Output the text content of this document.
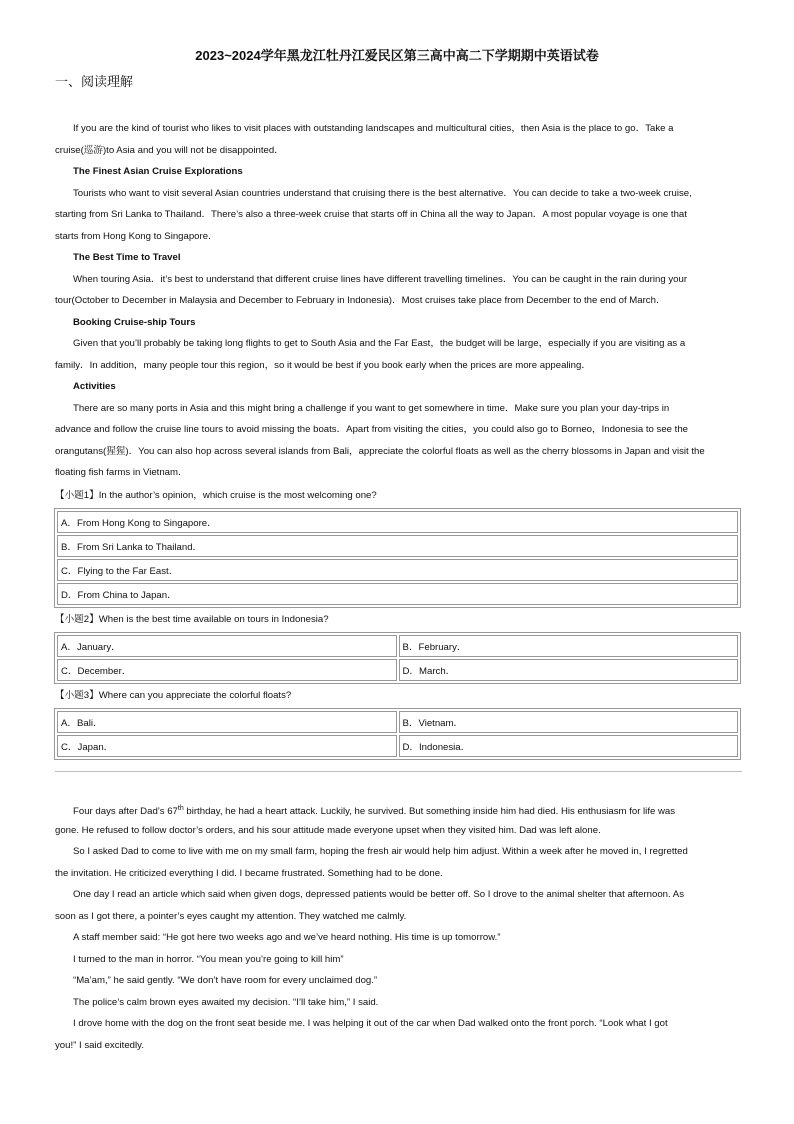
2023~2024学年黑龙江牡丹江爱民区第三高中高二下学期期中英语试卷
一、阅读理解
If you are the kind of tourist who likes to visit places with outstanding landscapes and multicultural cities，then Asia is the place to go．Take a
cruise(巡游)to Asia and you will not be disappointed．
The Finest Asian Cruise Explorations
Tourists who want to visit several Asian countries understand that cruising there is the best alternative．You can decide to take a two-week cruise,
starting from Sri Lanka to Thailand．There’s also a three-week cruise that starts off in China all the way to Japan．A most popular voyage is one that
starts from Hong Kong to Singapore．
The Best Time to Travel
When touring Asia．it’s best to understand that different cruise lines have different travelling timelines．You can be caught in the rain during your
tour(October to December in Malaysia and December to February in Indonesia)．Most cruises take place from December to the end of March．
Booking Cruise-ship Tours
Given that you’ll probably be taking long flights to get to South Asia and the Far East，the budget will be large，especially if you are visiting as a
family．In addition，many people tour this region，so it would be best if you book early when the prices are more appealing．
Activities
There are so many ports in Asia and this might bring a challenge if you want to get somewhere in time．Make sure you plan your day-trips in
advance and follow the cruise line tours to avoid missing the boats．Apart from visiting the cities，you could also go to Borneo，Indonesia to see the
orangutans(猩猩)．You can also hop across several islands from Bali，appreciate the colorful floats as well as the cherry blossoms in Japan and visit the
floating fish farms in Vietnam．
【小题1】In the author’s opinion，which cruise is the most welcoming one?
A．From Hong Kong to Singapore．
B．From Sri Lanka to Thailand．
C．Flying to the Far East．
D．From China to Japan．
【小题2】When is the best time available on tours in Indonesia?
A．January．	B．February．
C．December．	D．March．
【小题3】Where can you appreciate the colorful floats?
A．Bali．	B．Vietnam．
C．Japan．	D．Indonesia．
Four days after Dad’s 67th birthday, he had a heart attack. Luckily, he survived. But something inside him had died. His enthusiasm for life was
gone. He refused to follow doctor’s orders, and his sour attitude made everyone upset when they visited him. Dad was left alone.
So I asked Dad to come to live with me on my small farm, hoping the fresh air would help him adjust. Within a week after he moved in, I regretted
the invitation. He criticized everything I did. I became frustrated. Something had to be done.
One day I read an article which said when given dogs, depressed patients would be better off. So I drove to the animal shelter that afternoon. As
soon as I got there, a pointer’s eyes caught my attention. They watched me calmly.
A staff member said: “He got here two weeks ago and we’ve heard nothing. His time is up tomorrow.”
I turned to the man in horror. “You mean you’re going to kill him”
“Ma’am,” he said gently. “We don’t have room for every unclaimed dog.”
The police’s calm brown eyes awaited my decision. “I’ll take him,” I said.
I drove home with the dog on the front seat beside me. I was helping it out of the car when Dad walked onto the front porch. “Look what I got
you!” I said excitedly.
